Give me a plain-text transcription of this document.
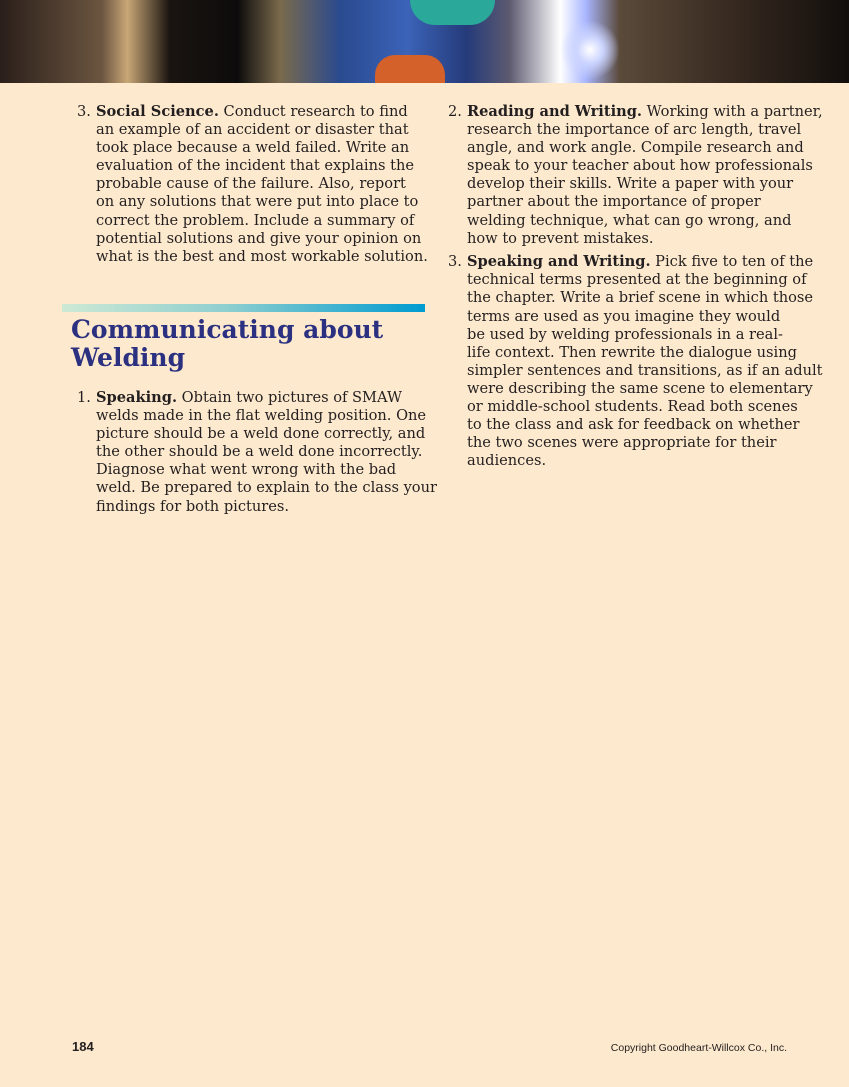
3. Social Science. Conduct research to find
an example of an accident or disaster that
took place because a weld failed. Write an
evaluation of the incident that explains the
probable cause of the failure. Also, report
on any solutions that were put into place to
correct the problem. Include a summary of
potential solutions and give your opinion on
what is the best and most workable solution.
Communicating about
Welding
1. Speaking. Obtain two pictures of SMAW
welds made in the flat welding position. One
picture should be a weld done correctly, and
the other should be a weld done incorrectly.
Diagnose what went wrong with the bad
weld. Be prepared to explain to the class your
findings for both pictures.
2. Reading and Writing. Working with a partner,
research the importance of arc length, travel
angle, and work angle. Compile research and
speak to your teacher about how professionals
develop their skills. Write a paper with your
partner about the importance of proper
welding technique, what can go wrong, and
how to prevent mistakes.
3. Speaking and Writing. Pick five to ten of the
technical terms presented at the beginning of
the chapter. Write a brief scene in which those
terms are used as you imagine they would
be used by welding professionals in a real-
life context. Then rewrite the dialogue using
simpler sentences and transitions, as if an adult
were describing the same scene to elementary
or middle-school students. Read both scenes
to the class and ask for feedback on whether
the two scenes were appropriate for their
audiences.
184	Copyright Goodheart-Willcox Co., Inc.
